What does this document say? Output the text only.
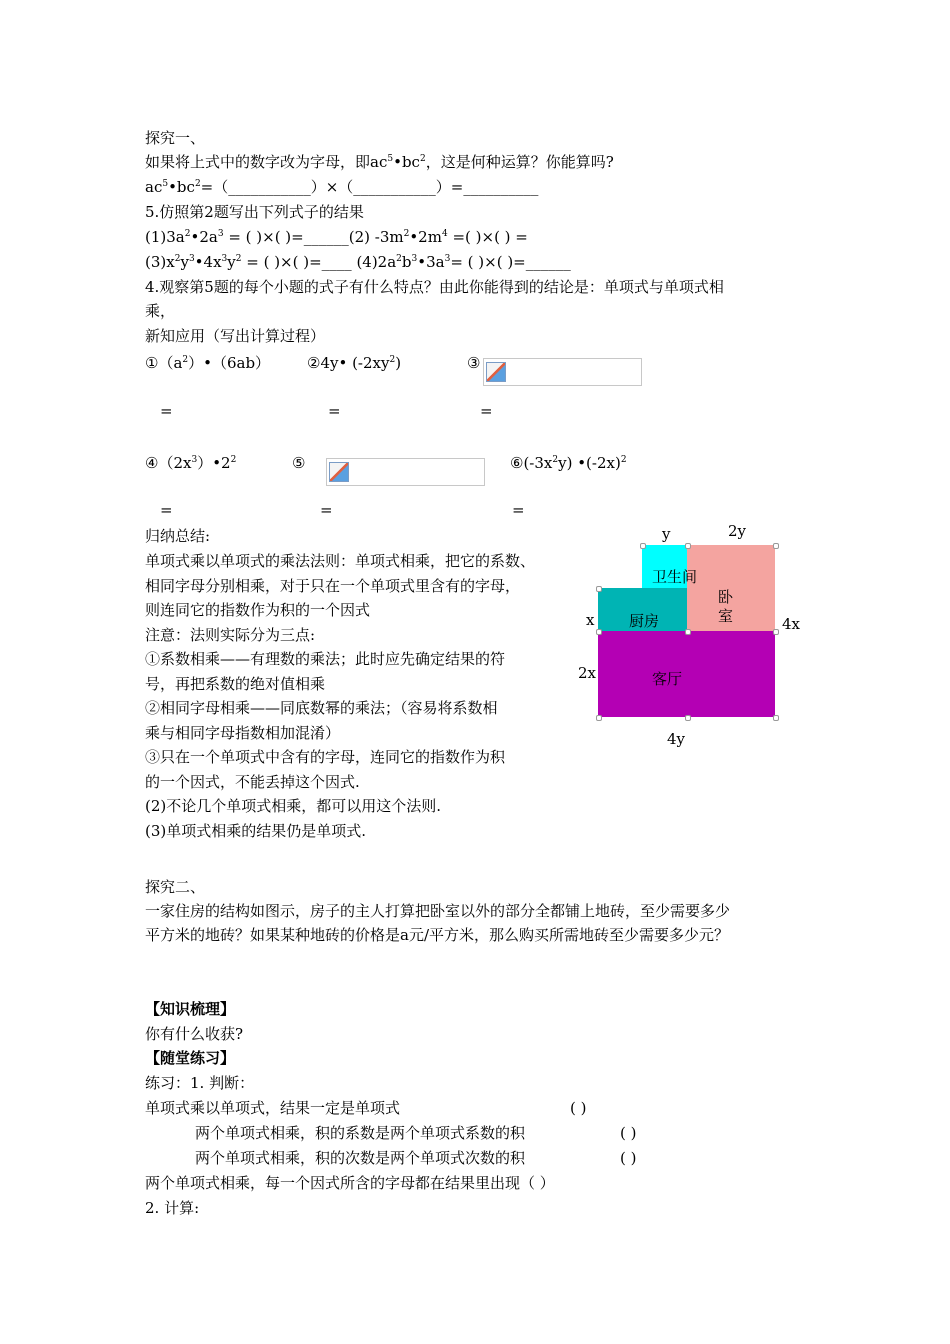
探究一、
如果将上式中的数字改为字母，即$ac^5•bc^2$，这是何种运算？你能算吗?
$ac^5•bc^2=(\_\_\_\_\_\_\_\_\_\_\_)\times(\_\_\_\_\_\_\_\_\_\_\_)=\_\_\_\_\_\_\_\_\_\_$
5.仿照第2题写出下列式子的结果
$(1)3a^2•2a^3$ = ( )×( )=______(2) $-3m^2•2m^4$ =( )×( ) =
$(3)x^2y^3•4x^3y^2$ = ( )×( )=____ $(4)2a^2b^3•3a^3=$ ( )×( )=______
4.观察第5题的每个小题的式子有什么特点？由此你能得到的结论是：单项式与单项式相
乘，
新知应用（写出计算过程）
$①(a^2)•(6ab)$ ②4y• $(-2xy^2)$	③
=	=	=
$④(2x^3)•2^2$	⑤	$⑥(-3x^2y)$ $•(-2x)^2$
=	=	=
归纳总结:
单项式乘以单项式的乘法法则：单项式相乘，把它的系数、
相同字母分别相乘，对于只在一个单项式里含有的字母，
则连同它的指数作为积的一个因式
注意：法则实际分为三点:
①系数相乘——有理数的乘法；此时应先确定结果的符
号，再把系数的绝对值相乘
②相同字母相乘——同底数幂的乘法；（容易将系数相
乘与相同字母指数相加混淆）
③只在一个单项式中含有的字母，连同它的指数作为积
的一个因式，不能丢掉这个因式.
(2)不论几个单项式相乘，都可以用这个法则.
(3)单项式相乘的结果仍是单项式.
y	2y
卫生间
卧
室
厨房
客厅
x
2x
4x
4y
探究二、
一家住房的结构如图示，房子的主人打算把卧室以外的部分全都铺上地砖，至少需要多少
平方米的地砖？如果某种地砖的价格是a元/平方米，那么购买所需地砖至少需要多少元？
【知识梳理】
你有什么收获?
【随堂练习】
练习：1. 判断：
单项式乘以单项式，结果一定是单项式	( )
两个单项式相乘，积的系数是两个单项式系数的积	( )
两个单项式相乘，积的次数是两个单项式次数的积	( )
两个单项式相乘，每一个因式所含的字母都在结果里出现（ ）
2. 计算:
